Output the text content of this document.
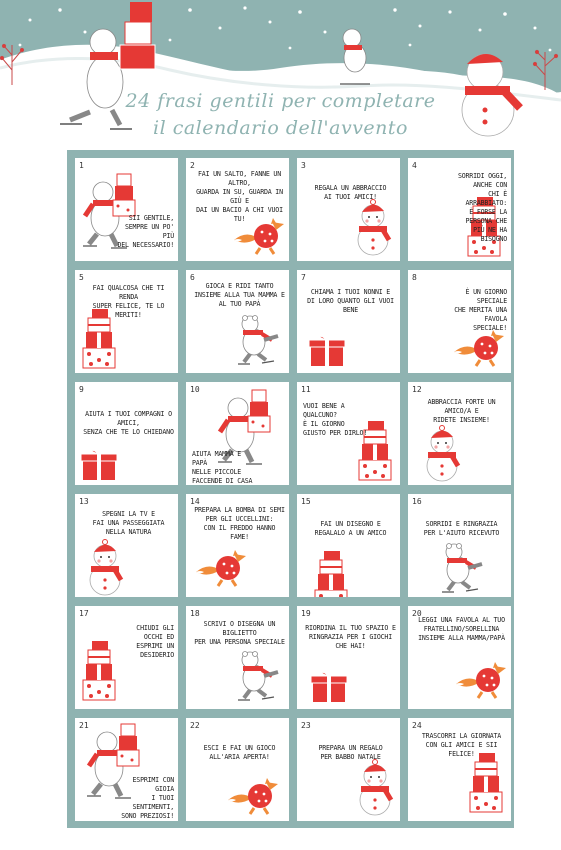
24 frasi gentili per completare
il calendario dell'avvento
1
SII GENTILE,
SEMPRE UN PO' PIÙ
DEL NECESSARIO!
2
FAI UN SALTO, FANNE UN ALTRO,
GUARDA IN SU, GUARDA IN GIÙ E
DAI UN BACIO A CHI VUOI TU!
3
REGALA UN ABBRACCIO
AI TUOI AMICI!
4
SORRIDI OGGI,
ANCHE CON
CHI È ARRABBIATO:
È FORSE LA PERSONA CHE
PIÙ NE HA BISOGNO
5
FAI QUALCOSA CHE TI RENDA
SUPER FELICE, TE LO MERITI!
6
GIOCA E RIDI TANTO
INSIEME ALLA TUA MAMMA E
AL TUO PAPÀ
7
CHIAMA I TUOI NONNI E
DI LORO QUANTO GLI VUOI BENE
8
È UN GIORNO SPECIALE
CHE MERITA UNA FAVOLA SPECIALE!
9
AIUTA I TUOI COMPAGNI O AMICI,
SENZA CHE TE LO CHIEDANO
10
AIUTA MAMMA E PAPÀ
NELLE PICCOLE
FACCENDE DI CASA
11
VUOI BENE A QUALCUNO?
È IL GIORNO
GIUSTO PER DIRLO!
12
ABBRACCIA FORTE UN AMICO/A E
RIDETE INSIEME!
13
SPEGNI LA TV E
FAI UNA PASSEGGIATA NELLA NATURA
14
PREPARA LA BOMBA DI SEMI
PER GLI UCCELLINI:
CON IL FREDDO HANNO FAME!
15
FAI UN DISEGNO E
REGALALO A UN AMICO
16
SORRIDI E RINGRAZIA
PER L'AIUTO RICEVUTO
17
CHIUDI GLI OCCHI ED
ESPRIMI UN DESIDERIO
18
SCRIVI O DISEGNA UN BIGLIETTO
PER UNA PERSONA SPECIALE
19
RIORDINA IL TUO SPAZIO E
RINGRAZIA PER I GIOCHI CHE HAI!
20
LEGGI UNA FAVOLA AL TUO
FRATELLINO/SORELLINA
INSIEME ALLA MAMMA/PAPÀ
21
ESPRIMI CON GIOIA
I TUOI SENTIMENTI,
SONO PREZIOSI!
22
ESCI E FAI UN GIOCO ALL'ARIA APERTA!
23
PREPARA UN REGALO
PER BABBO NATALE
24
TRASCORRI LA GIORNATA
CON GLI AMICI E SII FELICE!
